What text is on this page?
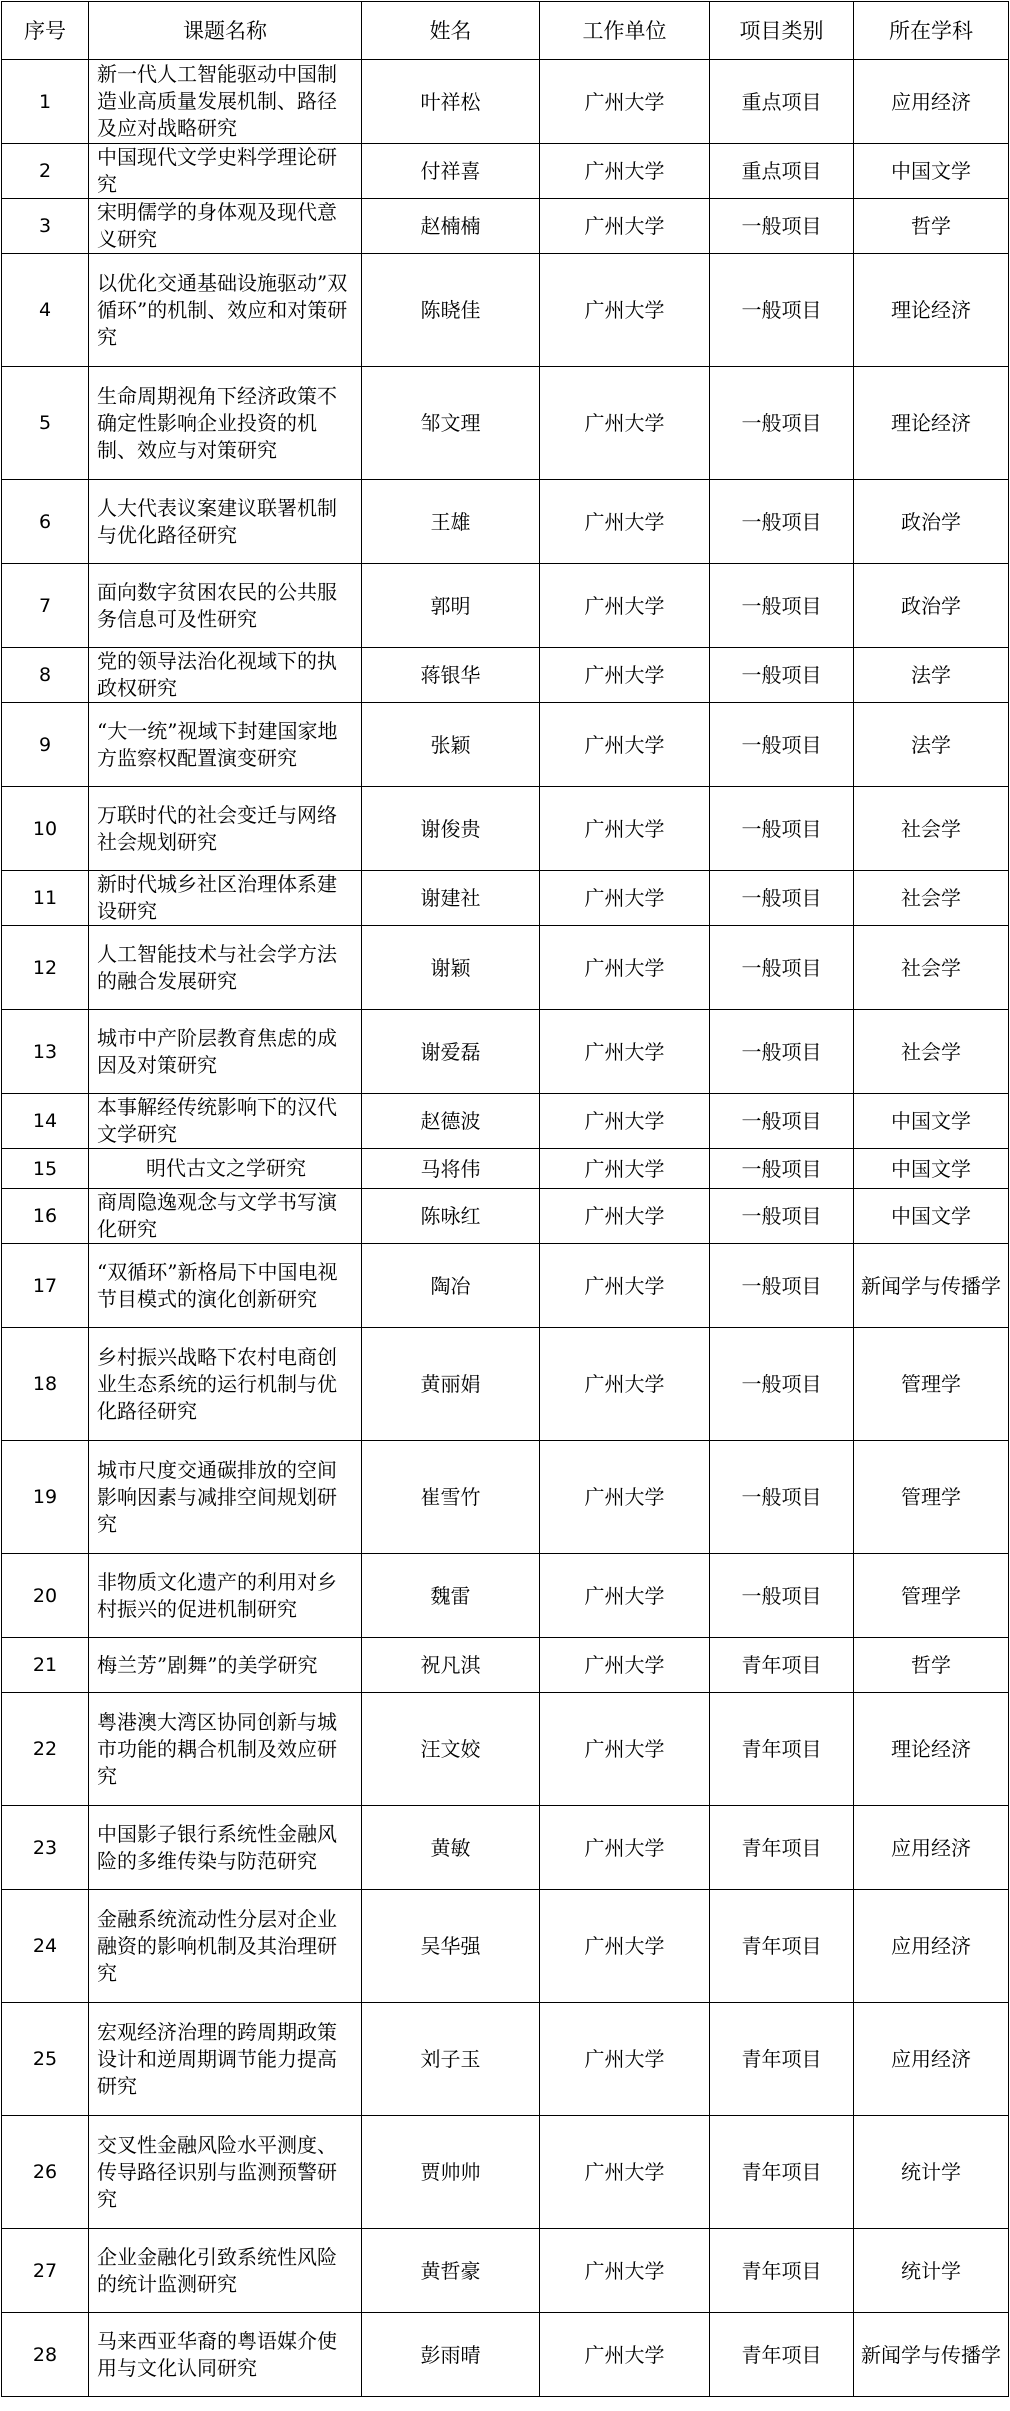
序号	课题名称	姓名	工作单位	项目类别	所在学科
1	新一代人工智能驱动中国制造业高质量发展机制、路径及应对战略研究	叶祥松	广州大学	重点项目	应用经济
2	中国现代文学史料学理论研究	付祥喜	广州大学	重点项目	中国文学
3	宋明儒学的身体观及现代意义研究	赵楠楠	广州大学	一般项目	哲学
4	以优化交通基础设施驱动”双循环”的机制、效应和对策研究	陈晓佳	广州大学	一般项目	理论经济
5	生命周期视角下经济政策不确定性影响企业投资的机制、效应与对策研究	邹文理	广州大学	一般项目	理论经济
6	人大代表议案建议联署机制与优化路径研究	王雄	广州大学	一般项目	政治学
7	面向数字贫困农民的公共服务信息可及性研究	郭明	广州大学	一般项目	政治学
8	党的领导法治化视域下的执政权研究	蒋银华	广州大学	一般项目	法学
9	“大一统”视域下封建国家地方监察权配置演变研究	张颖	广州大学	一般项目	法学
10	万联时代的社会变迁与网络社会规划研究	谢俊贵	广州大学	一般项目	社会学
11	新时代城乡社区治理体系建设研究	谢建社	广州大学	一般项目	社会学
12	人工智能技术与社会学方法的融合发展研究	谢颖	广州大学	一般项目	社会学
13	城市中产阶层教育焦虑的成因及对策研究	谢爱磊	广州大学	一般项目	社会学
14	本事解经传统影响下的汉代文学研究	赵德波	广州大学	一般项目	中国文学
15	明代古文之学研究	马将伟	广州大学	一般项目	中国文学
16	商周隐逸观念与文学书写演化研究	陈咏红	广州大学	一般项目	中国文学
17	“双循环”新格局下中国电视节目模式的演化创新研究	陶冶	广州大学	一般项目	新闻学与传播学
18	乡村振兴战略下农村电商创业生态系统的运行机制与优化路径研究	黄丽娟	广州大学	一般项目	管理学
19	城市尺度交通碳排放的空间影响因素与减排空间规划研究	崔雪竹	广州大学	一般项目	管理学
20	非物质文化遗产的利用对乡村振兴的促进机制研究	魏雷	广州大学	一般项目	管理学
21	梅兰芳”剧舞”的美学研究	祝凡淇	广州大学	青年项目	哲学
22	粤港澳大湾区协同创新与城市功能的耦合机制及效应研究	汪文姣	广州大学	青年项目	理论经济
23	中国影子银行系统性金融风险的多维传染与防范研究	黄敏	广州大学	青年项目	应用经济
24	金融系统流动性分层对企业融资的影响机制及其治理研究	吴华强	广州大学	青年项目	应用经济
25	宏观经济治理的跨周期政策设计和逆周期调节能力提高研究	刘子玉	广州大学	青年项目	应用经济
26	交叉性金融风险水平测度、传导路径识别与监测预警研究	贾帅帅	广州大学	青年项目	统计学
27	企业金融化引致系统性风险的统计监测研究	黄哲豪	广州大学	青年项目	统计学
28	马来西亚华裔的粤语媒介使用与文化认同研究	彭雨晴	广州大学	青年项目	新闻学与传播学
